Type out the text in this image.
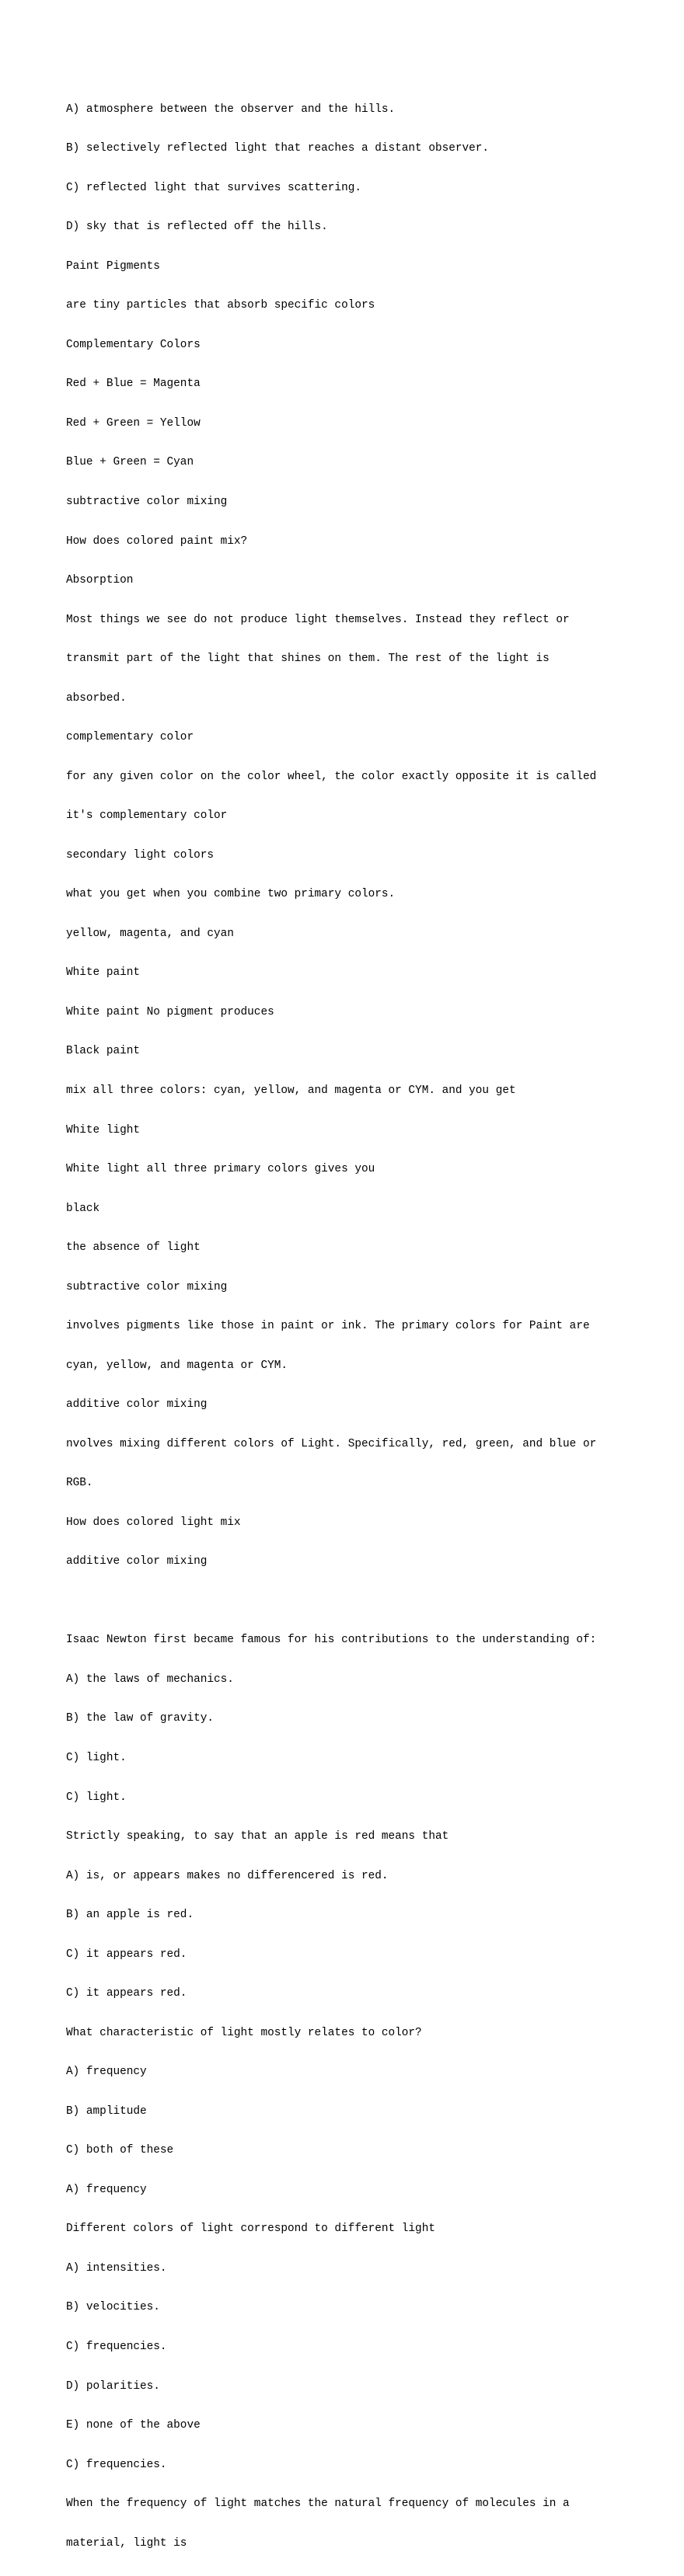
A) atmosphere between the observer and the hills.

B) selectively reflected light that reaches a distant observer.

C) reflected light that survives scattering.

D) sky that is reflected off the hills.

Paint Pigments

are tiny particles that absorb specific colors

Complementary Colors

Red + Blue = Magenta

Red + Green = Yellow

Blue + Green = Cyan

subtractive color mixing

How does colored paint mix?

Absorption

Most things we see do not produce light themselves. Instead they reflect or

transmit part of the light that shines on them. The rest of the light is

absorbed.

complementary color

for any given color on the color wheel, the color exactly opposite it is called

it's complementary color

secondary light colors

what you get when you combine two primary colors.

yellow, magenta, and cyan

White paint

White paint No pigment produces

Black paint

mix all three colors: cyan, yellow, and magenta or CYM. and you get

White light

White light all three primary colors gives you

black

the absence of light

subtractive color mixing

involves pigments like those in paint or ink. The primary colors for Paint are

cyan, yellow, and magenta or CYM.

additive color mixing

nvolves mixing different colors of Light. Specifically, red, green, and blue or

RGB.

How does colored light mix

additive color mixing

Isaac Newton first became famous for his contributions to the understanding of:

A) the laws of mechanics.

B) the law of gravity.

C) light.

C) light.

Strictly speaking, to say that an apple is red means that

A) is, or appears makes no differencered is red.

B) an apple is red.

C) it appears red.

C) it appears red.

What characteristic of light mostly relates to color?

A) frequency

B) amplitude

C) both of these

A) frequency

Different colors of light correspond to different light

A) intensities.

B) velocities.

C) frequencies.

D) polarities.

E) none of the above

C) frequencies.

When the frequency of light matches the natural frequency of molecules in a

material, light is
